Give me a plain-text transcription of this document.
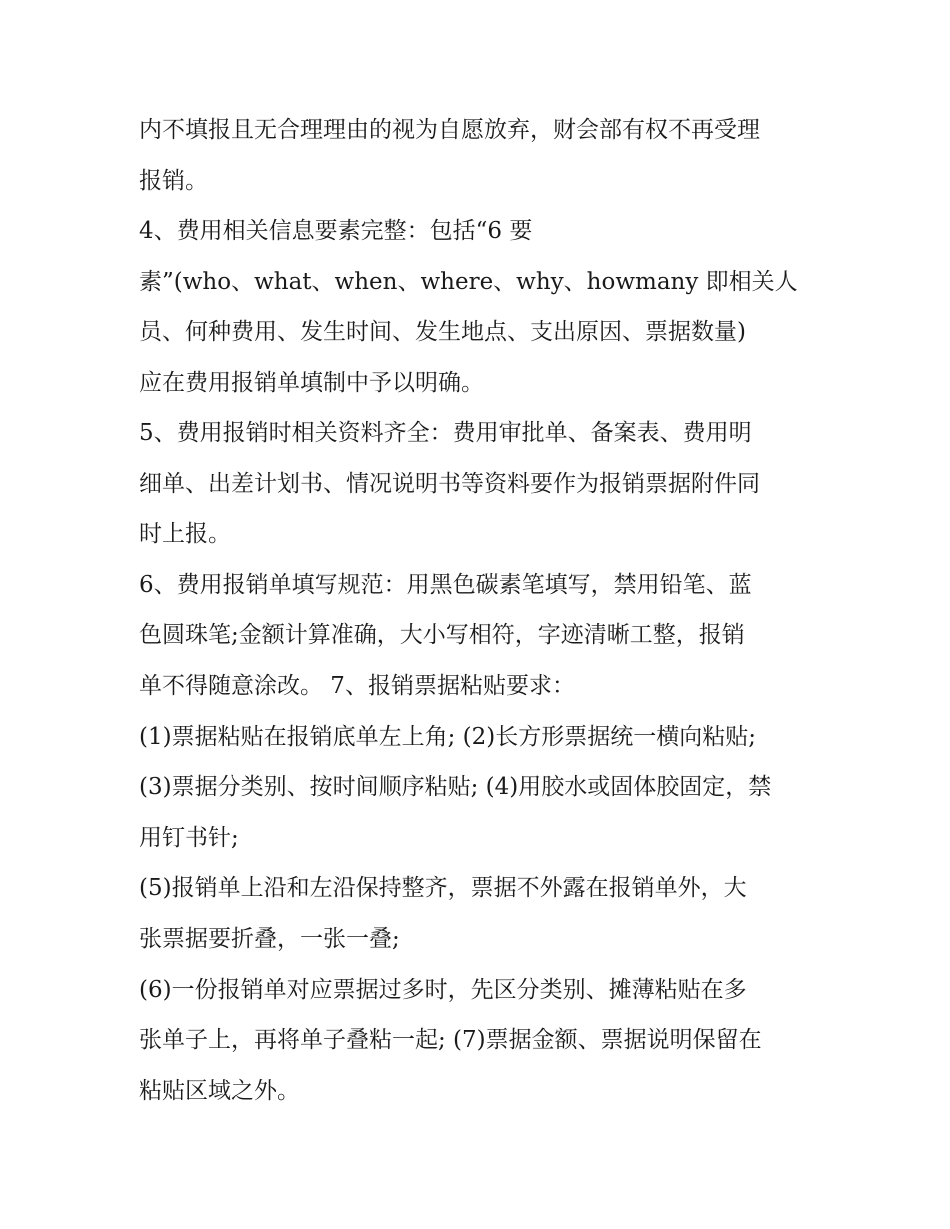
内不填报且无合理理由的视为自愿放弃，财会部有权不再受理
报销。
4、费用相关信息要素完整：包括“6 要
素”(who、what、when、where、why、howmany 即相关人
员、何种费用、发生时间、发生地点、支出原因、票据数量)
应在费用报销单填制中予以明确。
5、费用报销时相关资料齐全：费用审批单、备案表、费用明
细单、出差计划书、情况说明书等资料要作为报销票据附件同
时上报。
6、费用报销单填写规范：用黑色碳素笔填写，禁用铅笔、蓝
色圆珠笔;金额计算准确，大小写相符，字迹清晰工整，报销
单不得随意涂改。 7、报销票据粘贴要求：
(1)票据粘贴在报销底单左上角; (2)长方形票据统一横向粘贴;
(3)票据分类别、按时间顺序粘贴; (4)用胶水或固体胶固定，禁
用钉书针;
(5)报销单上沿和左沿保持整齐，票据不外露在报销单外，大
张票据要折叠，一张一叠;
(6)一份报销单对应票据过多时，先区分类别、摊薄粘贴在多
张单子上，再将单子叠粘一起; (7)票据金额、票据说明保留在
粘贴区域之外。
